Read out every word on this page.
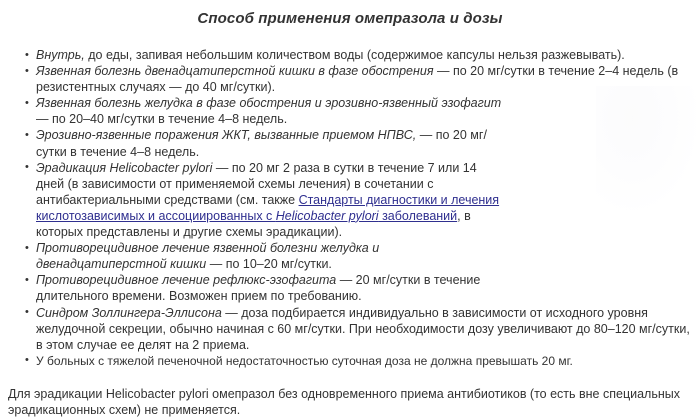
Способ применения омепразола и дозы
• Внутрь, до еды, запивая небольшим количеством воды (содержимое капсулы нельзя разжевывать).
• Язвенная болезнь двенадцатиперстной кишки в фазе обострения — по 20 мг/сутки в течение 2–4 недель (в резистентных случаях — до 40 мг/сутки).
• Язвенная болезнь желудка в фазе обострения и эрозивно-язвенный эзофагит — по 20–40 мг/сутки в течение 4–8 недель.
• Эрозивно-язвенные поражения ЖКТ, вызванные приемом НПВС, — по 20 мг/сутки в течение 4–8 недель.
• Эрадикация Helicobacter pylori — по 20 мг 2 раза в сутки в течение 7 или 14 дней (в зависимости от применяемой схемы лечения) в сочетании с антибактериальными средствами (см. также Стандарты диагностики и лечения кислотозависимых и ассоциированных с Helicobacter pylori заболеваний, в которых представлены и другие схемы эрадикации).
• Противорецидивное лечение язвенной болезни желудка и двенадцатиперстной кишки — по 10–20 мг/сутки.
• Противорецидивное лечение рефлюкс-эзофагита — 20 мг/сутки в течение длительного времени. Возможен прием по требованию.
• Синдром Золлингера-Эллисона — доза подбирается индивидуально в зависимости от исходного уровня желудочной секреции, обычно начиная с 60 мг/сутки. При необходимости дозу увеличивают до 80–120 мг/сутки, в этом случае ее делят на 2 приема.
• У больных с тяжелой печеночной недостаточностью суточная доза не должна превышать 20 мг.

Для эрадикации Helicobacter pylori омепразол без одновременного приема антибиотиков (то есть вне специальных эрадикационных схем) не применяется.
